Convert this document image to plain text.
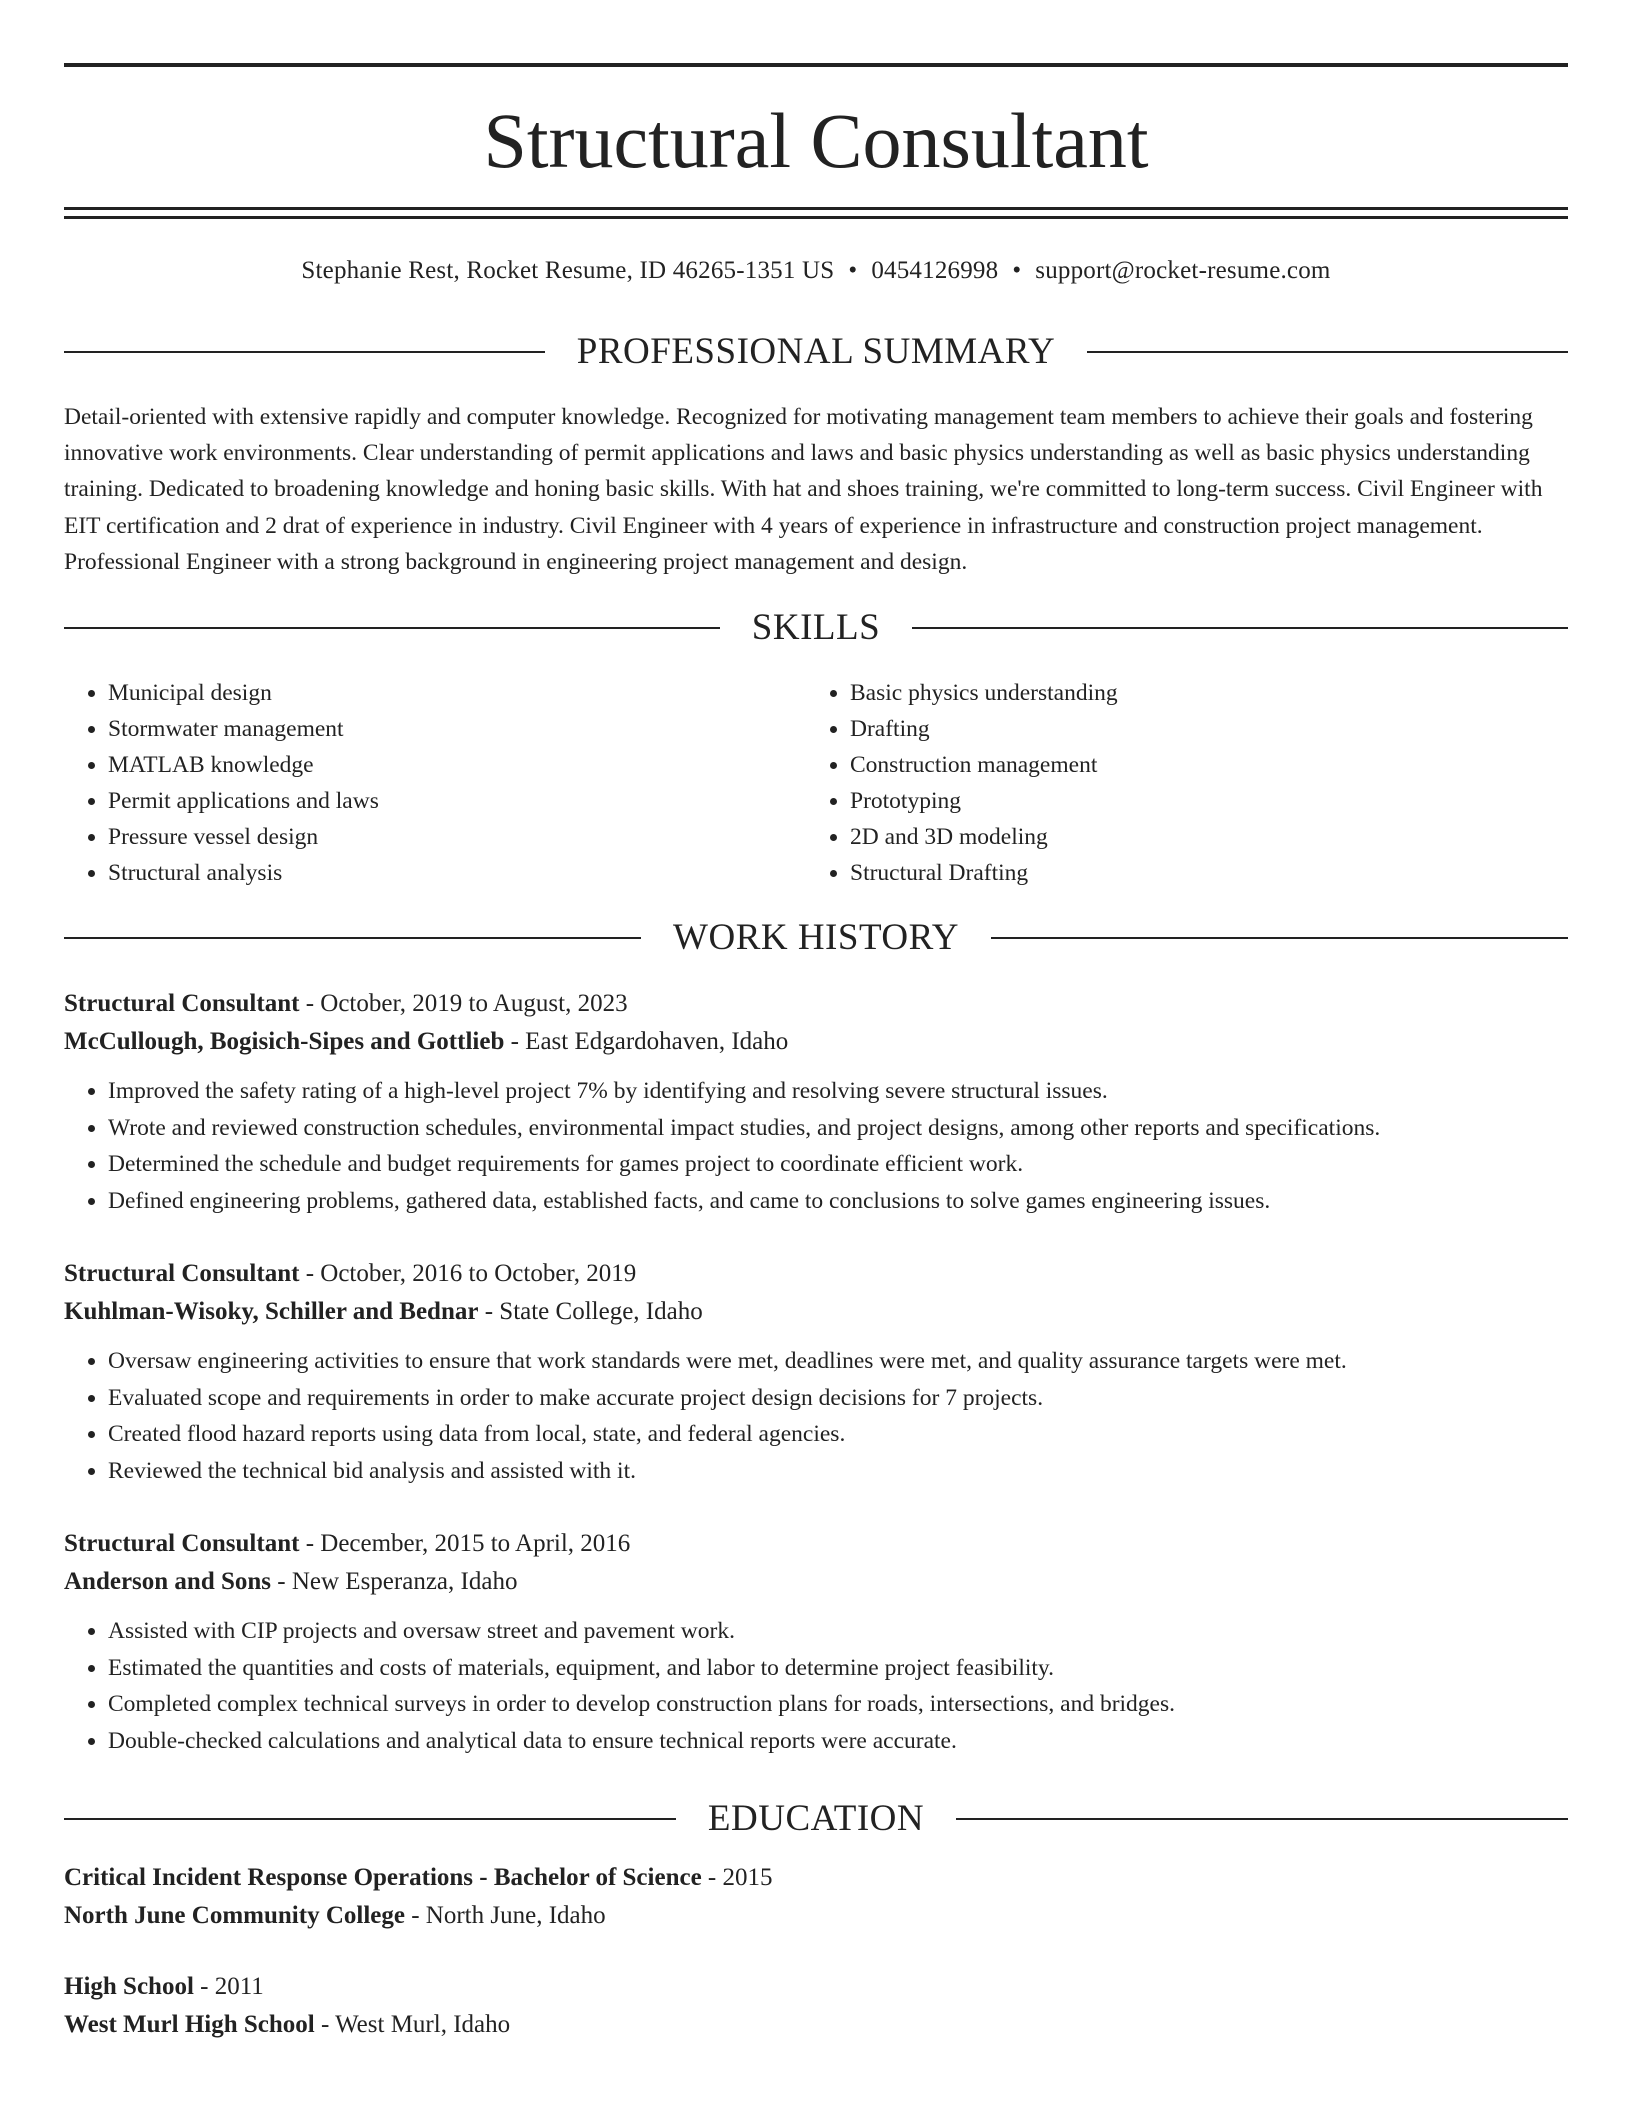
Structural Consultant
Stephanie Rest, Rocket Resume, ID 46265-1351 US • 0454126998 • support@rocket-resume.com
PROFESSIONAL SUMMARY

Detail-oriented with extensive rapidly and computer knowledge. Recognized for motivating management team members to achieve their goals and fostering innovative work environments. Clear understanding of permit applications and laws and basic physics understanding as well as basic physics understanding training. Dedicated to broadening knowledge and honing basic skills. With hat and shoes training, we're committed to long-term success. Civil Engineer with EIT certification and 2 drat of experience in industry. Civil Engineer with 4 years of experience in infrastructure and construction project management. Professional Engineer with a strong background in engineering project management and design.

SKILLS
• Municipal design
• Stormwater management
• MATLAB knowledge
• Permit applications and laws
• Pressure vessel design
• Structural analysis
• Basic physics understanding
• Drafting
• Construction management
• Prototyping
• 2D and 3D modeling
• Structural Drafting
WORK HISTORY
Structural Consultant - October, 2019 to August, 2023
McCullough, Bogisich-Sipes and Gottlieb - East Edgardohaven, Idaho
• Improved the safety rating of a high-level project 7% by identifying and resolving severe structural issues.
• Wrote and reviewed construction schedules, environmental impact studies, and project designs, among other reports and specifications.
• Determined the schedule and budget requirements for games project to coordinate efficient work.
• Defined engineering problems, gathered data, established facts, and came to conclusions to solve games engineering issues.
Structural Consultant - October, 2016 to October, 2019
Kuhlman-Wisoky, Schiller and Bednar - State College, Idaho
• Oversaw engineering activities to ensure that work standards were met, deadlines were met, and quality assurance targets were met.
• Evaluated scope and requirements in order to make accurate project design decisions for 7 projects.
• Created flood hazard reports using data from local, state, and federal agencies.
• Reviewed the technical bid analysis and assisted with it.
Structural Consultant - December, 2015 to April, 2016
Anderson and Sons - New Esperanza, Idaho
• Assisted with CIP projects and oversaw street and pavement work.
• Estimated the quantities and costs of materials, equipment, and labor to determine project feasibility.
• Completed complex technical surveys in order to develop construction plans for roads, intersections, and bridges.
• Double-checked calculations and analytical data to ensure technical reports were accurate.
EDUCATION
Critical Incident Response Operations - Bachelor of Science - 2015
North June Community College - North June, Idaho
High School - 2011
West Murl High School - West Murl, Idaho
